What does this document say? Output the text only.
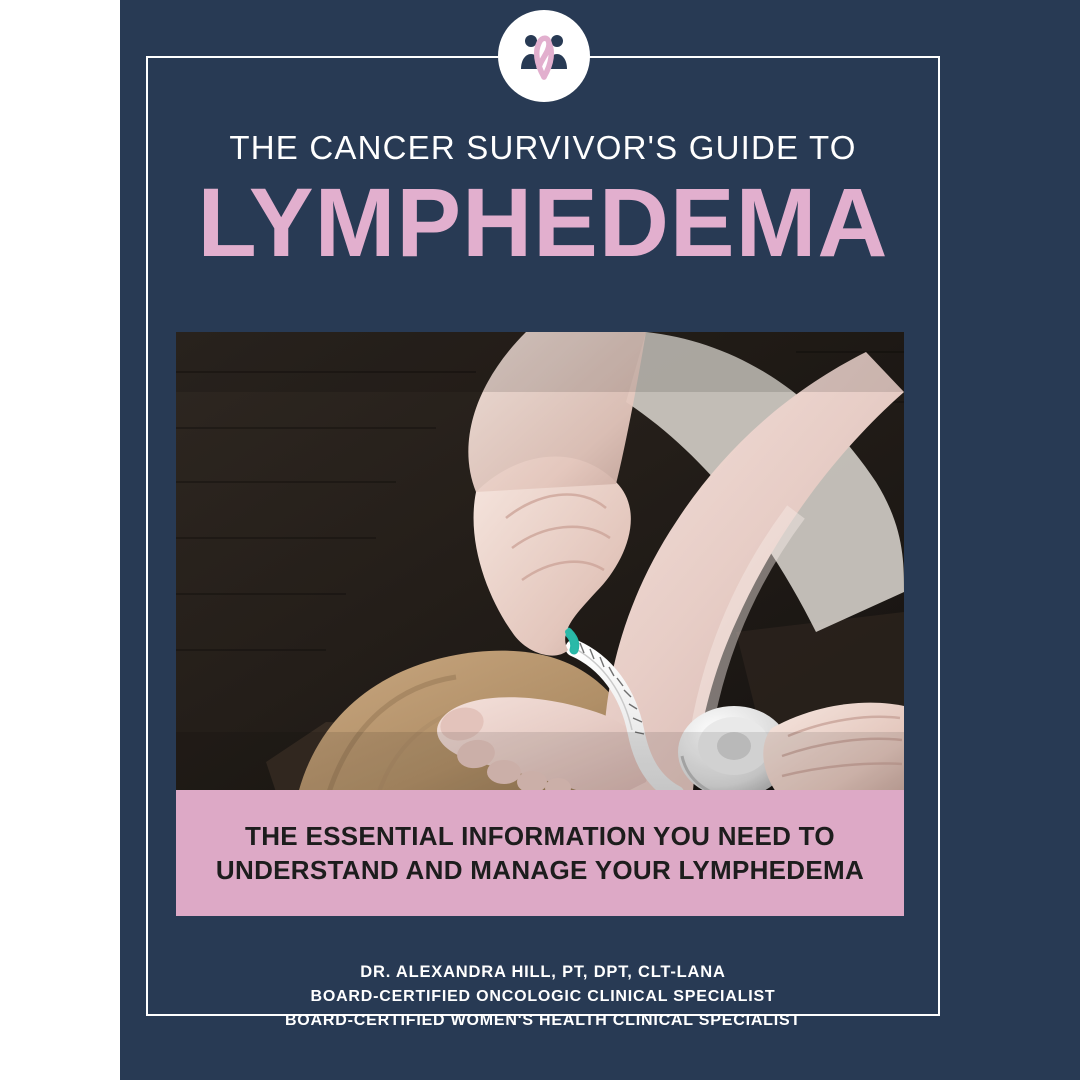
THE CANCER SURVIVOR'S GUIDE TO

LYMPHEDEMA

THE ESSENTIAL INFORMATION YOU NEED TO
UNDERSTAND AND MANAGE YOUR LYMPHEDEMA

DR. ALEXANDRA HILL, PT, DPT, CLT-LANA

BOARD-CERTIFIED ONCOLOGIC CLINICAL SPECIALIST

BOARD-CERTIFIED WOMEN'S HEALTH CLINICAL SPECIALIST
